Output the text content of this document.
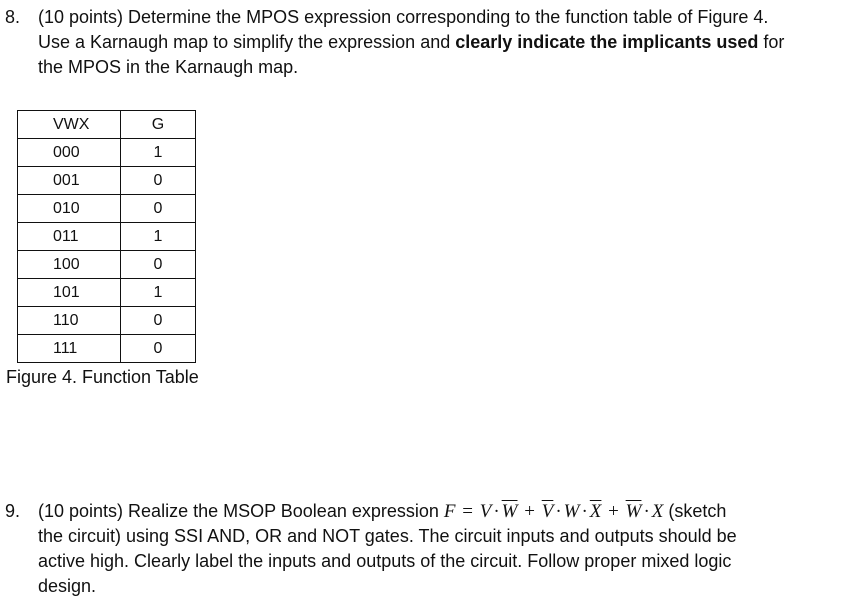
8. (10 points) Determine the MPOS expression corresponding to the function table of Figure 4.
Use a Karnaugh map to simplify the expression and clearly indicate the implicants used for
the MPOS in the Karnaugh map.
VWX	G
000	1
001	0
010	0
011	1
100	0
101	1
110	0
111	0
Figure 4. Function Table
9. (10 points) Realize the MSOP Boolean expression $F = V \cdot \overline{W} + \overline{V} \cdot W \cdot \overline{X} + \overline{W} \cdot X$ (sketch
the circuit) using SSI AND, OR and NOT gates. The circuit inputs and outputs should be
active high. Clearly label the inputs and outputs of the circuit. Follow proper mixed logic
design.
